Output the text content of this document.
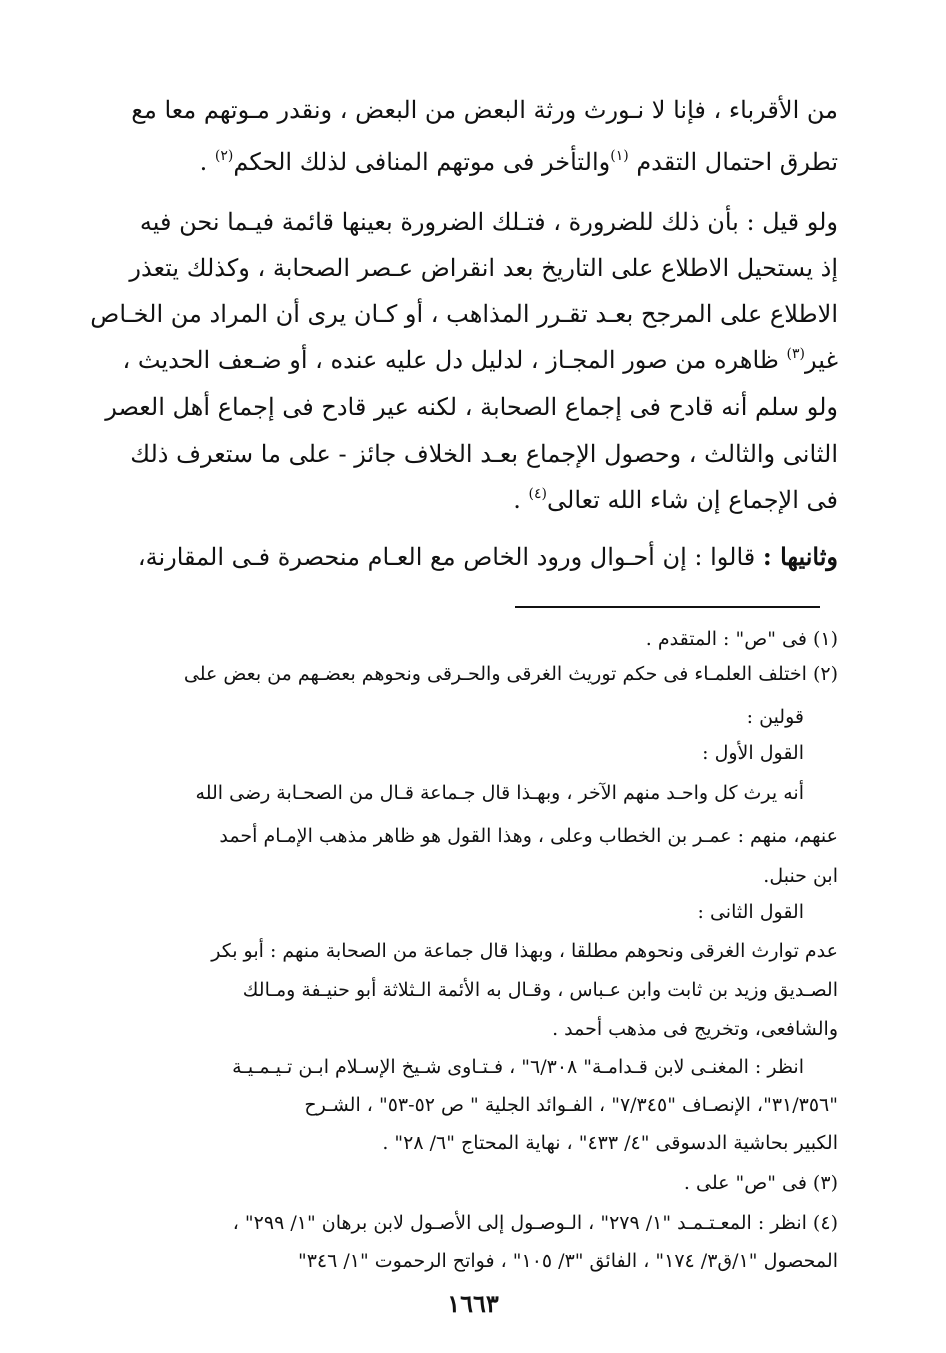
من الأقرباء ، فإنا لا نـورث ورثة البعض من البعض ، ونقدر مـوتهم معا مع
تطرق احتمال التقدم $^{(١)}$والتأخر فى موتهم المنافى لذلك الحكم$^{(٢)}$ .
ولو قيل : بأن ذلك للضرورة ، فتـلك الضرورة بعينها قائمة فيـما نحن فيه
إذ يستحيل الاطلاع على التاريخ بعد انقراض عـصر الصحابة ، وكذلك يتعذر
الاطلاع على المرجح بعـد تقـرر المذاهب ، أو كـان يرى أن المراد من الخـاص
غير$^{(٣)}$ ظاهره من صور المجـاز ، لدليل دل عليه عنده ، أو ضـعف الحديث ،
ولو سلم أنه قادح فى إجماع الصحابة ، لكنه عير قادح فى إجماع أهل العصر
الثانى والثالث ، وحصول الإجماع بعـد الخلاف جائز - على ما ستعرف ذلك
فى الإجماع إن شاء الله تعالى$^{(٤)}$ .
وثانيها : قالوا : إن أحـوال ورود الخاص مع العـام منحصرة فـى المقارنة،
(١) فى "ص" : المتقدم .
(٢) اختلف العلمـاء فى حكم توريث الغرقى والحـرقى ونحوهم بعضـهم من بعض على
قولين :
القول الأول :
أنه يرث كل واحـد منهم الآخر ، وبهـذا قال جـماعة قـال من الصحـابة رضى الله
عنهم، منهم : عمـر بن الخطاب وعلى ، وهذا القول هو ظاهر مذهب الإمـام أحمد
ابن حنبل.
القول الثانى :
عدم توارث الغرقى ونحوهم مطلقا ، وبهذا قال جماعة من الصحابة منهم : أبو بكر
الصـديق وزيد بن ثابت وابن عـباس ، وقـال به الأئمة الـثلاثة أبو حنيـفة ومـالك
والشافعى، وتخريج فى مذهب أحمد .
انظر : المغنـى لابن قـدامـة" ٦/٣٠٨" ، فـتـاوى شـيخ الإسـلام ابـن تـيـمـيـة
"٣١/٣٥٦"، الإنصـاف "٧/٣٤٥" ، الفـوائد الجلية " ص ٥٢-٥٣" ، الشـرح
الكبير بحاشية الدسوقى "٤/ ٤٣٣" ، نهاية المحتاج "٦/ ٢٨" .
(٣) فى "ص" على .
(٤) انظر : المعـتـمـد "١/ ٢٧٩" ، الـوصـول إلى الأصـول لابن برهان "١/ ٢٩٩" ،
المحصول "١/ق٣/ ١٧٤" ، الفائق "٣/ ١٠٥" ، فواتح الرحموت "١/ ٣٤٦"
١٦٦٣
